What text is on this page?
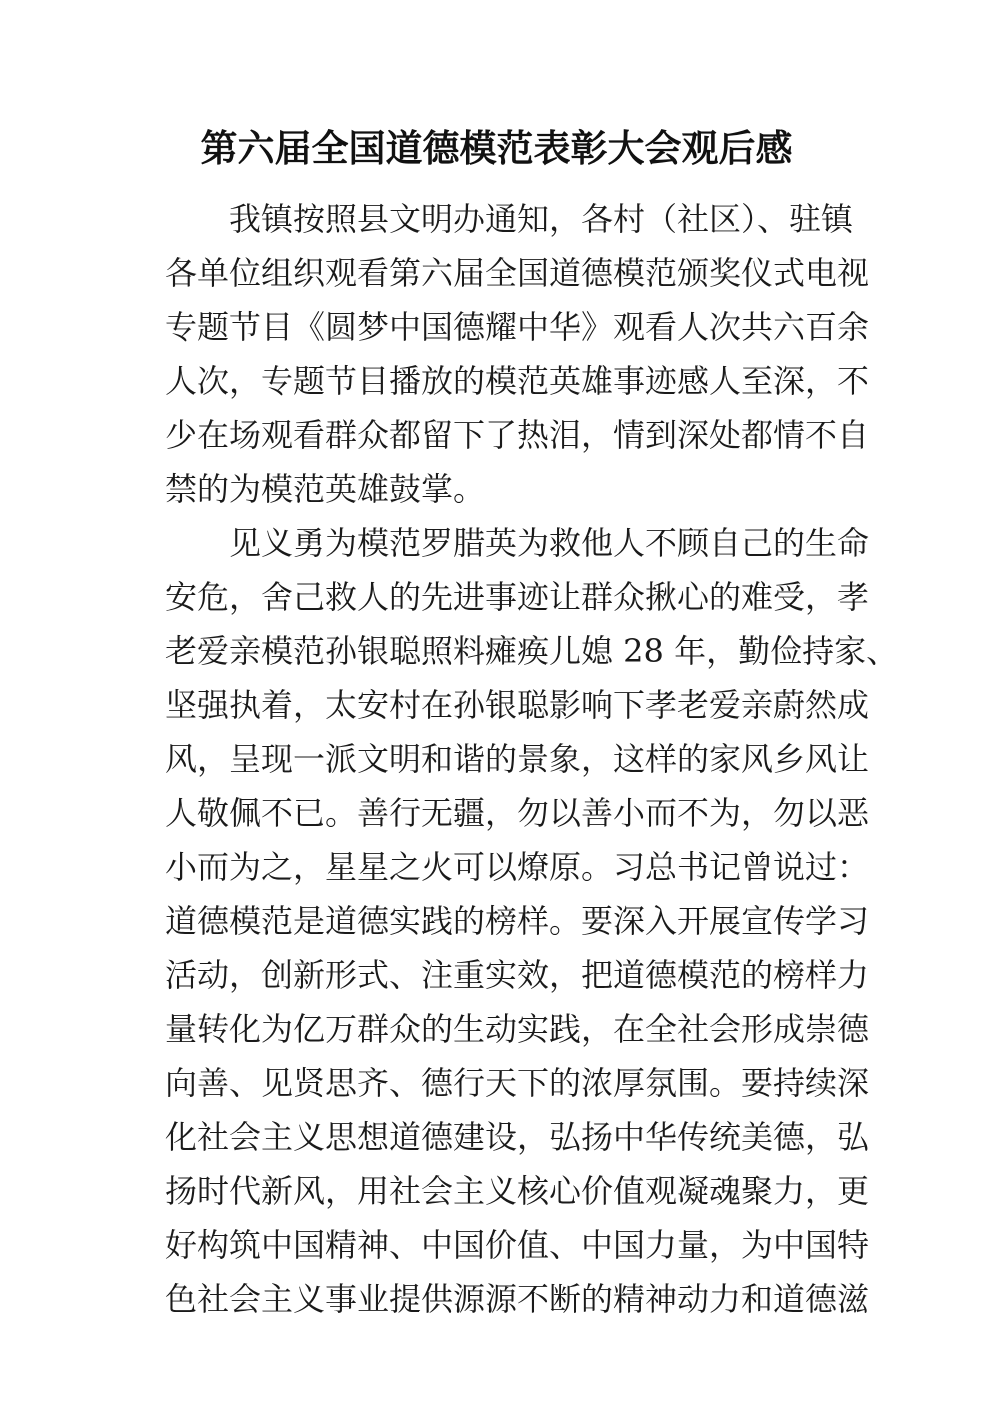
第六届全国道德模范表彰大会观后感
我镇按照县文明办通知，各村（社区）、驻镇
各单位组织观看第六届全国道德模范颁奖仪式电视
专题节目《圆梦中国德耀中华》观看人次共六百余
人次，专题节目播放的模范英雄事迹感人至深，不
少在场观看群众都留下了热泪，情到深处都情不自
禁的为模范英雄鼓掌。
见义勇为模范罗腊英为救他人不顾自己的生命
安危，舍己救人的先进事迹让群众揪心的难受，孝
老爱亲模范孙银聪照料瘫痪儿媳 28 年，勤俭持家、
坚强执着，太安村在孙银聪影响下孝老爱亲蔚然成
风，呈现一派文明和谐的景象，这样的家风乡风让
人敬佩不已。善行无疆，勿以善小而不为，勿以恶
小而为之，星星之火可以燎原。习总书记曾说过：
道德模范是道德实践的榜样。要深入开展宣传学习
活动，创新形式、注重实效，把道德模范的榜样力
量转化为亿万群众的生动实践，在全社会形成崇德
向善、见贤思齐、德行天下的浓厚氛围。要持续深
化社会主义思想道德建设，弘扬中华传统美德，弘
扬时代新风，用社会主义核心价值观凝魂聚力，更
好构筑中国精神、中国价值、中国力量，为中国特
色社会主义事业提供源源不断的精神动力和道德滋
